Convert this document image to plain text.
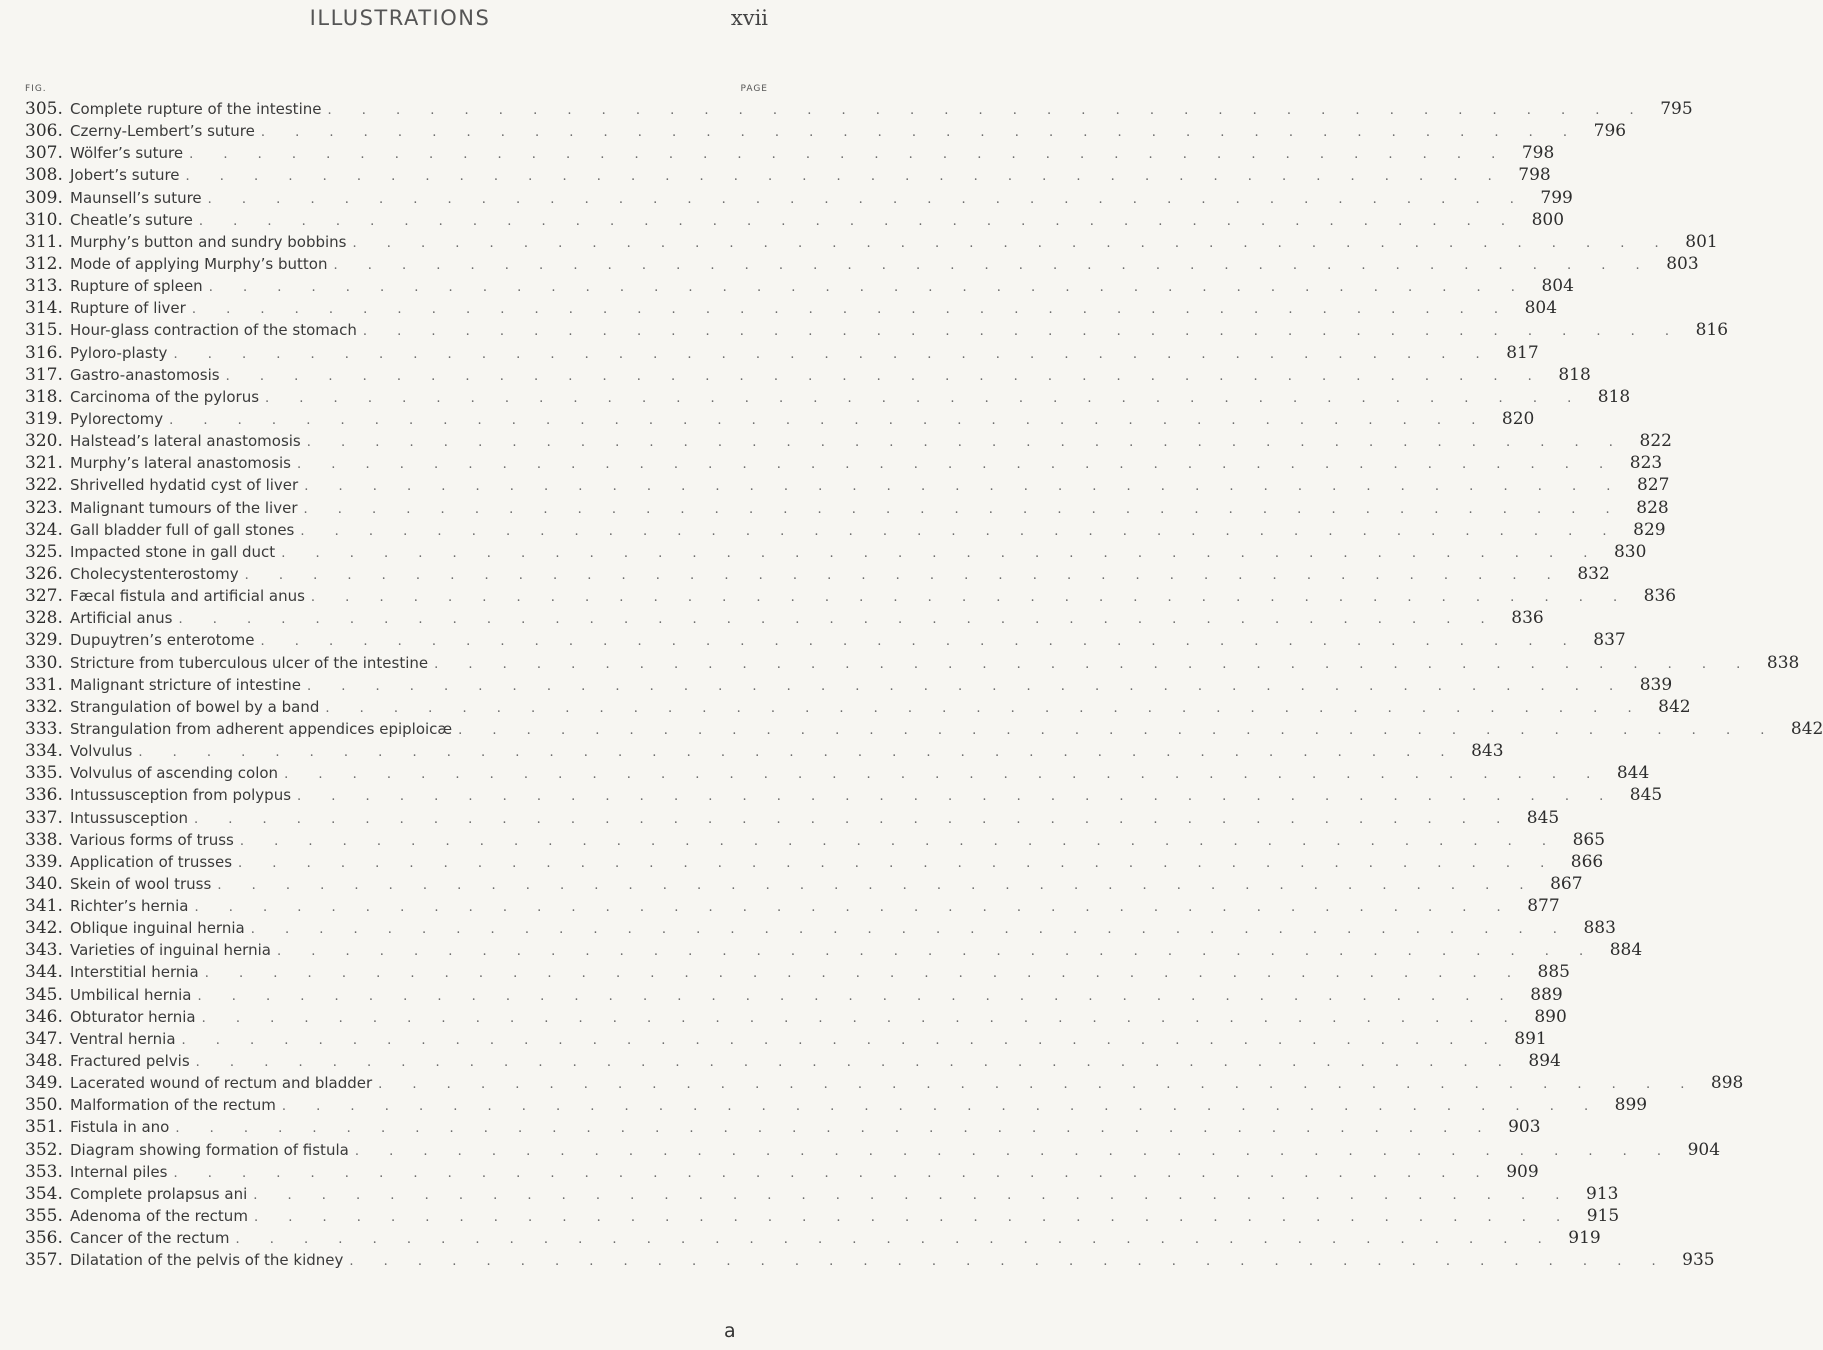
ILLUSTRATIONS	xvii
FIG.	PAGE
305. Complete rupture of the intestine . . . . . . . . . . . . . . . . . . . . . . . . . . . . . . . . . . . . . . . 795
306. Czerny-Lembert’s suture . . . . . . . . . . . . . . . . . . . . . . . . . . . . . . . . . . . . . . . 796
307. Wölfer’s suture . . . . . . . . . . . . . . . . . . . . . . . . . . . . . . . . . . . . . . . 798
308. Jobert’s suture . . . . . . . . . . . . . . . . . . . . . . . . . . . . . . . . . . . . . . . 798
309. Maunsell’s suture . . . . . . . . . . . . . . . . . . . . . . . . . . . . . . . . . . . . . . . 799
310. Cheatle’s suture . . . . . . . . . . . . . . . . . . . . . . . . . . . . . . . . . . . . . . . 800
311. Murphy’s button and sundry bobbins . . . . . . . . . . . . . . . . . . . . . . . . . . . . . . . . . . . . . . . 801
312. Mode of applying Murphy’s button . . . . . . . . . . . . . . . . . . . . . . . . . . . . . . . . . . . . . . . 803
313. Rupture of spleen . . . . . . . . . . . . . . . . . . . . . . . . . . . . . . . . . . . . . . . 804
314. Rupture of liver . . . . . . . . . . . . . . . . . . . . . . . . . . . . . . . . . . . . . . . 804
315. Hour-glass contraction of the stomach . . . . . . . . . . . . . . . . . . . . . . . . . . . . . . . . . . . . . . . 816
316. Pyloro-plasty . . . . . . . . . . . . . . . . . . . . . . . . . . . . . . . . . . . . . . . 817
317. Gastro-anastomosis . . . . . . . . . . . . . . . . . . . . . . . . . . . . . . . . . . . . . . . 818
318. Carcinoma of the pylorus . . . . . . . . . . . . . . . . . . . . . . . . . . . . . . . . . . . . . . . 818
319. Pylorectomy . . . . . . . . . . . . . . . . . . . . . . . . . . . . . . . . . . . . . . . 820
320. Halstead’s lateral anastomosis . . . . . . . . . . . . . . . . . . . . . . . . . . . . . . . . . . . . . . . 822
321. Murphy’s lateral anastomosis . . . . . . . . . . . . . . . . . . . . . . . . . . . . . . . . . . . . . . . 823
322. Shrivelled hydatid cyst of liver . . . . . . . . . . . . . . . . . . . . . . . . . . . . . . . . . . . . . . . 827
323. Malignant tumours of the liver . . . . . . . . . . . . . . . . . . . . . . . . . . . . . . . . . . . . . . . 828
324. Gall bladder full of gall stones . . . . . . . . . . . . . . . . . . . . . . . . . . . . . . . . . . . . . . . 829
325. Impacted stone in gall duct . . . . . . . . . . . . . . . . . . . . . . . . . . . . . . . . . . . . . . . 830
326. Cholecystenterostomy . . . . . . . . . . . . . . . . . . . . . . . . . . . . . . . . . . . . . . . 832
327. Fæcal fistula and artificial anus . . . . . . . . . . . . . . . . . . . . . . . . . . . . . . . . . . . . . . . 836
328. Artificial anus . . . . . . . . . . . . . . . . . . . . . . . . . . . . . . . . . . . . . . . 836
329. Dupuytren’s enterotome . . . . . . . . . . . . . . . . . . . . . . . . . . . . . . . . . . . . . . . 837
330. Stricture from tuberculous ulcer of the intestine . . . . . . . . . . . . . . . . . . . . . . . . . . . . . . . . . . . . . . . 838
331. Malignant stricture of intestine . . . . . . . . . . . . . . . . . . . . . . . . . . . . . . . . . . . . . . . 839
332. Strangulation of bowel by a band . . . . . . . . . . . . . . . . . . . . . . . . . . . . . . . . . . . . . . . 842
333. Strangulation from adherent appendices epiploicæ . . . . . . . . . . . . . . . . . . . . . . . . . . . . . . . . . . . . . . . 842
334. Volvulus . . . . . . . . . . . . . . . . . . . . . . . . . . . . . . . . . . . . . . . 843
335. Volvulus of ascending colon . . . . . . . . . . . . . . . . . . . . . . . . . . . . . . . . . . . . . . . 844
336. Intussusception from polypus . . . . . . . . . . . . . . . . . . . . . . . . . . . . . . . . . . . . . . . 845
337. Intussusception . . . . . . . . . . . . . . . . . . . . . . . . . . . . . . . . . . . . . . . 845
338. Various forms of truss . . . . . . . . . . . . . . . . . . . . . . . . . . . . . . . . . . . . . . . 865
339. Application of trusses . . . . . . . . . . . . . . . . . . . . . . . . . . . . . . . . . . . . . . . 866
340. Skein of wool truss . . . . . . . . . . . . . . . . . . . . . . . . . . . . . . . . . . . . . . . 867
341. Richter’s hernia . . . . . . . . . . . . . . . . . . . . . . . . . . . . . . . . . . . . . . . 877
342. Oblique inguinal hernia . . . . . . . . . . . . . . . . . . . . . . . . . . . . . . . . . . . . . . . 883
343. Varieties of inguinal hernia . . . . . . . . . . . . . . . . . . . . . . . . . . . . . . . . . . . . . . . 884
344. Interstitial hernia . . . . . . . . . . . . . . . . . . . . . . . . . . . . . . . . . . . . . . . 885
345. Umbilical hernia . . . . . . . . . . . . . . . . . . . . . . . . . . . . . . . . . . . . . . . 889
346. Obturator hernia . . . . . . . . . . . . . . . . . . . . . . . . . . . . . . . . . . . . . . . 890
347. Ventral hernia . . . . . . . . . . . . . . . . . . . . . . . . . . . . . . . . . . . . . . . 891
348. Fractured pelvis . . . . . . . . . . . . . . . . . . . . . . . . . . . . . . . . . . . . . . . 894
349. Lacerated wound of rectum and bladder . . . . . . . . . . . . . . . . . . . . . . . . . . . . . . . . . . . . . . . 898
350. Malformation of the rectum . . . . . . . . . . . . . . . . . . . . . . . . . . . . . . . . . . . . . . . 899
351. Fistula in ano . . . . . . . . . . . . . . . . . . . . . . . . . . . . . . . . . . . . . . . 903
352. Diagram showing formation of fistula . . . . . . . . . . . . . . . . . . . . . . . . . . . . . . . . . . . . . . . 904
353. Internal piles . . . . . . . . . . . . . . . . . . . . . . . . . . . . . . . . . . . . . . . 909
354. Complete prolapsus ani . . . . . . . . . . . . . . . . . . . . . . . . . . . . . . . . . . . . . . . 913
355. Adenoma of the rectum . . . . . . . . . . . . . . . . . . . . . . . . . . . . . . . . . . . . . . . 915
356. Cancer of the rectum . . . . . . . . . . . . . . . . . . . . . . . . . . . . . . . . . . . . . . . 919
357. Dilatation of the pelvis of the kidney . . . . . . . . . . . . . . . . . . . . . . . . . . . . . . . . . . . . . . . 935
a
